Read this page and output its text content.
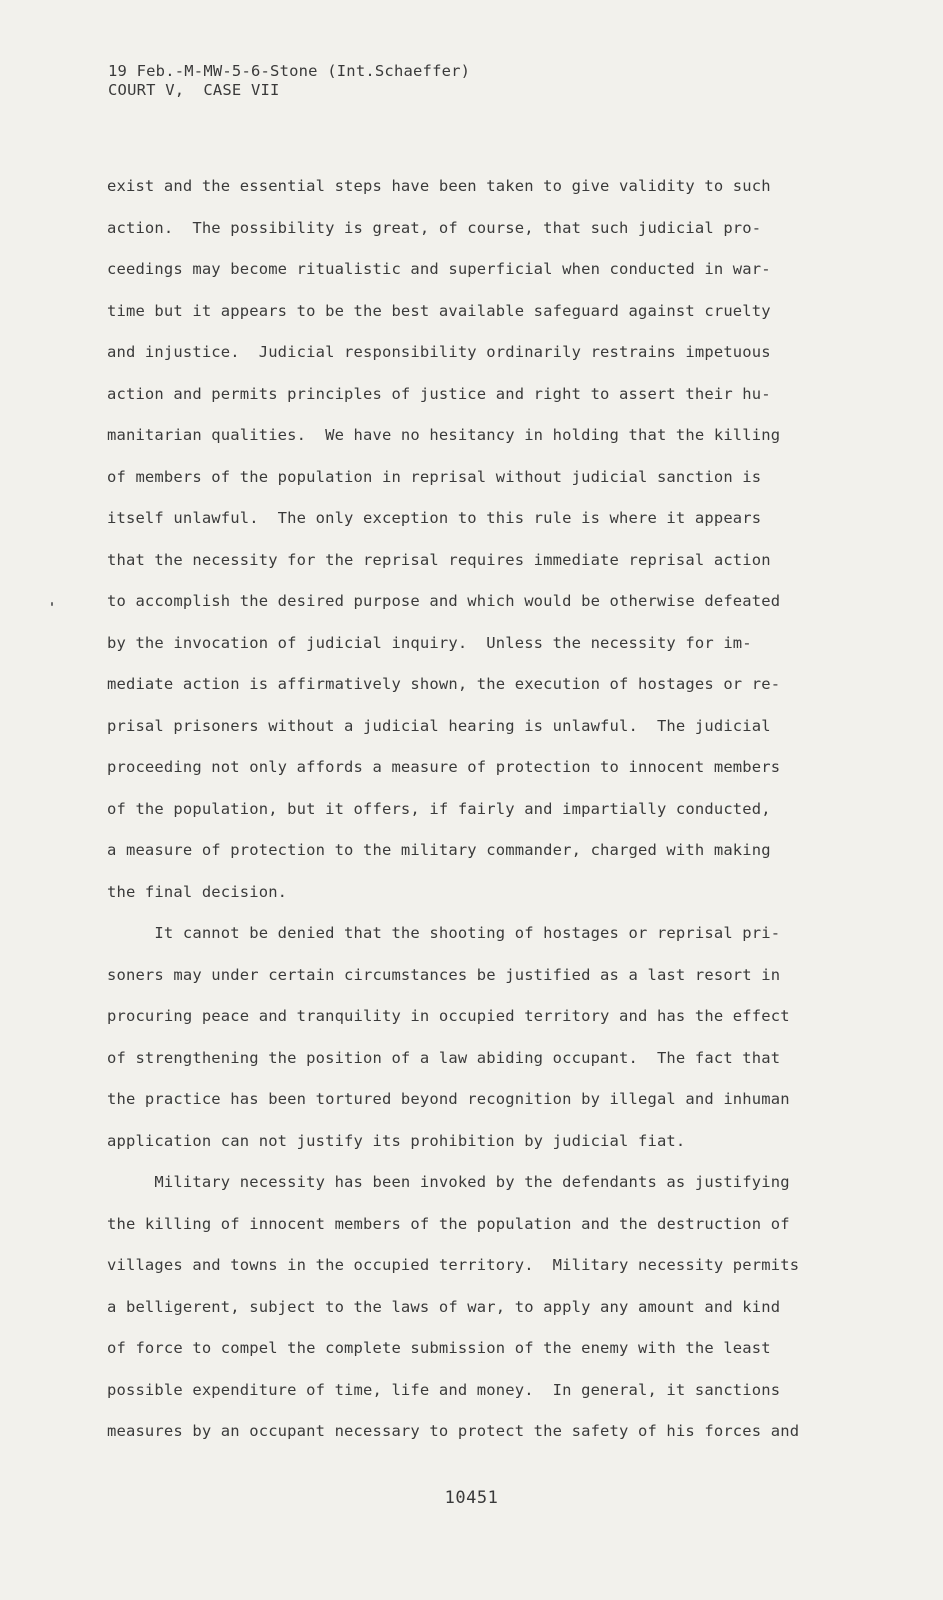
19 Feb.-M-MW-5-6-Stone (Int.Schaeffer)
COURT V,  CASE VII
exist and the essential steps have been taken to give validity to such
action.  The possibility is great, of course, that such judicial pro-
ceedings may become ritualistic and superficial when conducted in war-
time but it appears to be the best available safeguard against cruelty
and injustice.  Judicial responsibility ordinarily restrains impetuous
action and permits principles of justice and right to assert their hu-
manitarian qualities.  We have no hesitancy in holding that the killing
of members of the population in reprisal without judicial sanction is
itself unlawful.  The only exception to this rule is where it appears
that the necessity for the reprisal requires immediate reprisal action
to accomplish the desired purpose and which would be otherwise defeated
by the invocation of judicial inquiry.  Unless the necessity for im-
mediate action is affirmatively shown, the execution of hostages or re-
prisal prisoners without a judicial hearing is unlawful.  The judicial
proceeding not only affords a measure of protection to innocent members
of the population, but it offers, if fairly and impartially conducted,
a measure of protection to the military commander, charged with making
the final decision.
It cannot be denied that the shooting of hostages or reprisal pri-
soners may under certain circumstances be justified as a last resort in
procuring peace and tranquility in occupied territory and has the effect
of strengthening the position of a law abiding occupant.  The fact that
the practice has been tortured beyond recognition by illegal and inhuman
application can not justify its prohibition by judicial fiat.
Military necessity has been invoked by the defendants as justifying
the killing of innocent members of the population and the destruction of
villages and towns in the occupied territory.  Military necessity permits
a belligerent, subject to the laws of war, to apply any amount and kind
of force to compel the complete submission of the enemy with the least
possible expenditure of time, life and money.  In general, it sanctions
measures by an occupant necessary to protect the safety of his forces and
10451
